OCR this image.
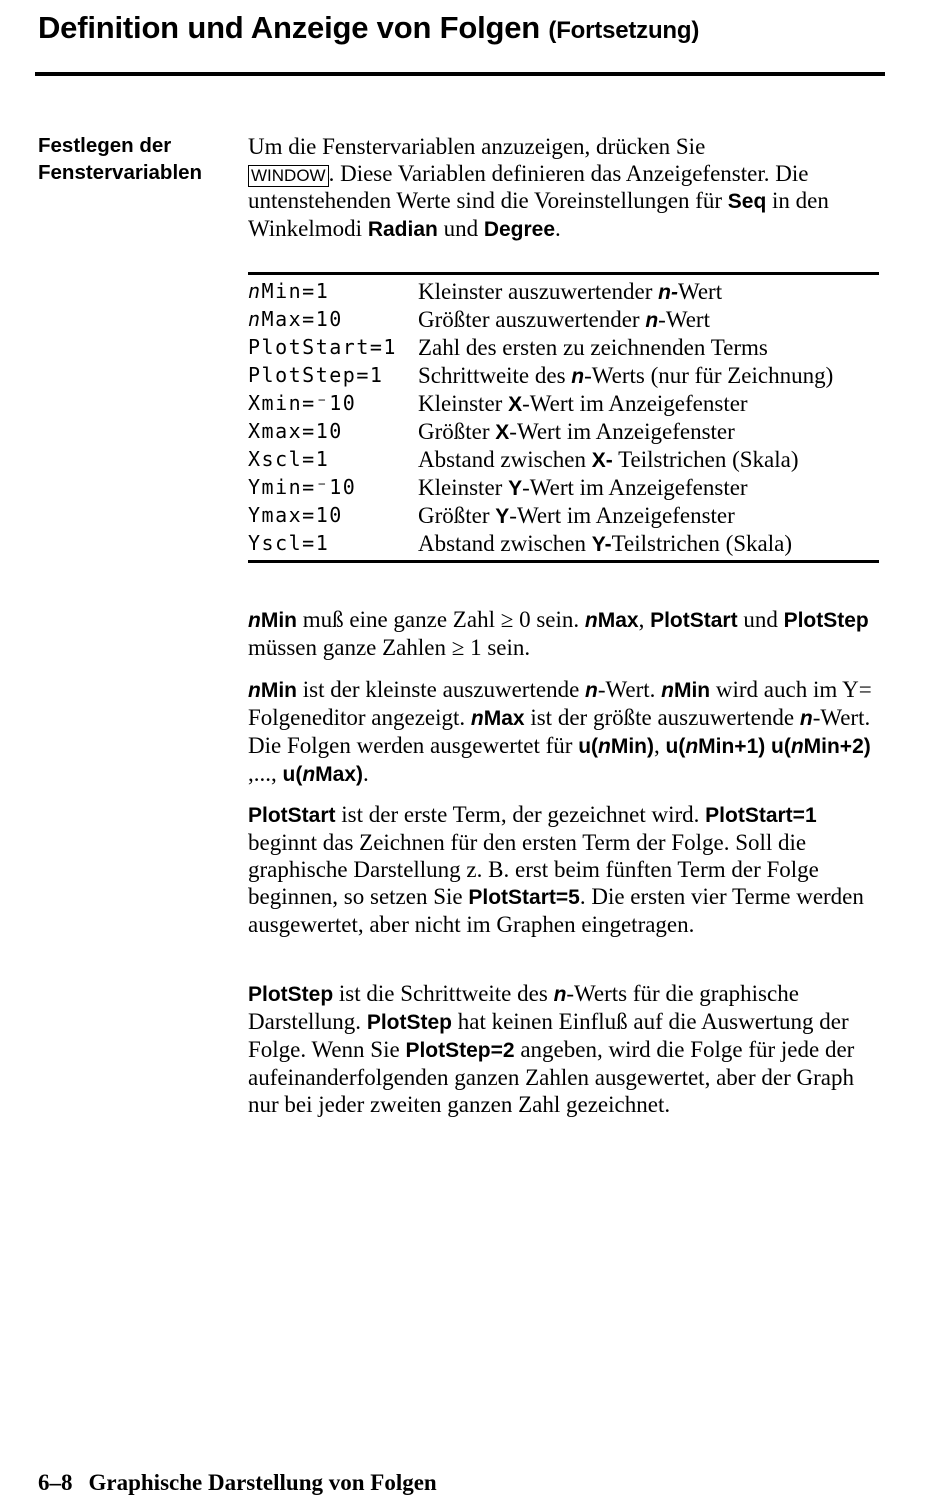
Definition und Anzeige von Folgen (Fortsetzung)
Festlegen der
Fenstervariablen

Um die Fenstervariablen anzuzeigen, drücken Sie
WINDOW . Diese Variablen definieren das Anzeigefenster. Die untenstehenden Werte sind die Voreinstellungen für Seq in den Winkelmodi Radian und Degree.

nMin=1	Kleinster auszuwertender n-Wert
nMax=10	Größter auszuwertender n-Wert
PlotStart=1 Zahl des ersten zu zeichnenden Terms
PlotStep=1	Schrittweite des n-Werts (nur für Zeichnung)
Xmin=⁻10	Kleinster X-Wert im Anzeigefenster
Xmax=10	Größter X-Wert im Anzeigefenster
Xscl=1	Abstand zwischen X- Teilstrichen (Skala)
Ymin=⁻10	Kleinster Y-Wert im Anzeigefenster
Ymax=10	Größter Y-Wert im Anzeigefenster
Yscl=1	Abstand zwischen Y-Teilstrichen (Skala)

nMin muß eine ganze Zahl ≥ 0 sein. nMax, PlotStart und PlotStep müssen ganze Zahlen ≥ 1 sein.

nMin ist der kleinste auszuwertende n-Wert. nMin wird auch im Y= Folgeneditor angezeigt. nMax ist der größte auszuwertende n-Wert. Die Folgen werden ausgewertet für u(nMin), u(nMin+1) u(nMin+2) ,..., u(nMax).

PlotStart ist der erste Term, der gezeichnet wird. PlotStart=1 beginnt das Zeichnen für den ersten Term der Folge. Soll die graphische Darstellung z. B. erst beim fünften Term der Folge beginnen, so setzen Sie PlotStart=5. Die ersten vier Terme werden ausgewertet, aber nicht im Graphen eingetragen.

PlotStep ist die Schrittweite des n-Werts für die graphische Darstellung. PlotStep hat keinen Einfluß auf die Auswertung der Folge. Wenn Sie PlotStep=2 angeben, wird die Folge für jede der aufeinanderfolgenden ganzen Zahlen ausgewertet, aber der Graph nur bei jeder zweiten ganzen Zahl gezeichnet.

6–8 Graphische Darstellung von Folgen
